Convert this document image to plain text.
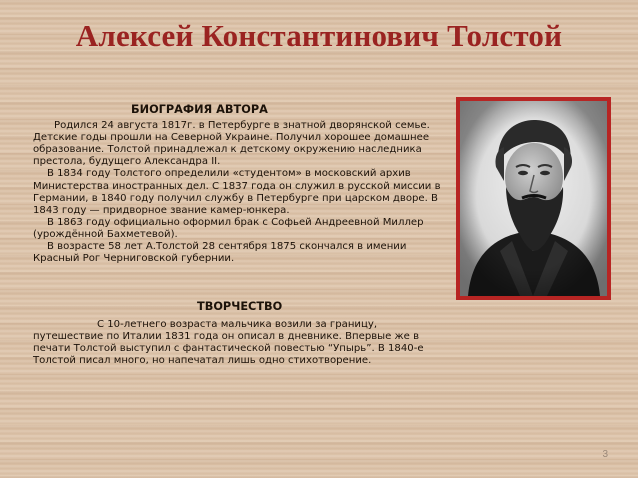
Алексей Константинович Толстой
БИОГРАФИЯ АВТОРА

Родился 24 августа 1817г. в Петербурге в знатной дворянской семье. Детские годы прошли на Северной Украине. Получил хорошее домашнее образование. Толстой принадлежал к детскому окружению наследника престола, будущего Александра II.

В 1834 году Толстого определили «студентом» в московский архив Министерства иностранных дел. С 1837 года он служил в русской миссии в Германии, в 1840 году получил службу в Петербурге при царском дворе. В 1843 году — придворное звание камер-юнкера.

В 1863 году официально оформил брак с Софьей Андреевной Миллер (урождённой Бахметевой).

В возрасте 58 лет А.Толстой 28 сентября 1875 скончался в имении Красный Рог Черниговской губернии.

ТВОРЧЕСТВО

С 10-летнего возраста мальчика возили за границу, путешествие по Италии 1831 года он описал в дневнике. Впервые же в печати Толстой выступил с фантастической повестью “Упырь”. В 1840-е Толстой писал много, но напечатал лишь одно стихотворение.

3
